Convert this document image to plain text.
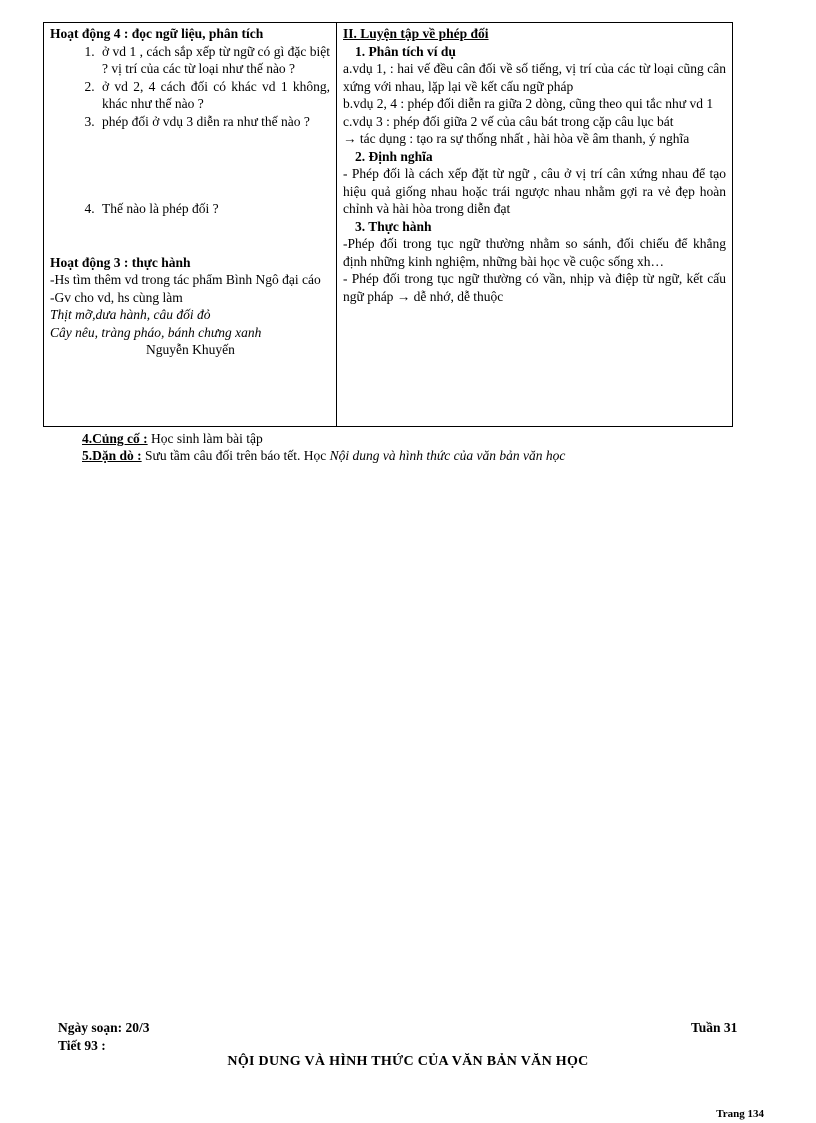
Hoạt động 4 : đọc ngữ liệu, phân tích
1. ở vd 1 , cách sắp xếp từ ngữ có gì đặc biệt ? vị trí của các từ loại như thế nào ?
2. ở vd 2, 4 cách đối có khác vd 1 không, khác như thế nào ?
3. phép đối ở vdụ 3 diễn ra như thế nào ?
4. Thế nào là phép đối ?
Hoạt động 3 : thực hành
-Hs tìm thêm vd trong tác phẩm Bình Ngô đại cáo
-Gv cho vd, hs cùng làm
Thịt mỡ,dưa hành, câu đối đỏ
Cây nêu, tràng pháo, bánh chưng xanh
Nguyễn Khuyến
II. Luyện tập về phép đối
1. Phân tích ví dụ
a.vdụ 1, : hai vế đều cân đối về số tiếng, vị trí của các từ loại cũng cân xứng với nhau, lặp lại về kết cấu ngữ pháp
b.vdụ 2, 4 : phép đối diễn ra giữa 2 dòng, cũng theo qui tắc như vd 1
c.vdụ 3 : phép đối giữa 2 vế của câu bát trong cặp câu lục bát
→ tác dụng : tạo ra sự thống nhất , hài hòa về âm thanh, ý nghĩa
2. Định nghĩa
- Phép đối là cách xếp đặt từ ngữ , câu ở vị trí cân xứng nhau để tạo hiệu quả giống nhau hoặc trái ngược nhau nhằm gợi ra vẻ đẹp hoàn chỉnh và hài hòa trong diễn đạt
3. Thực hành
-Phép đối trong tục ngữ thường nhằm so sánh, đối chiếu để khẳng định những kinh nghiệm, những bài học về cuộc sống xh…
- Phép đối trong tục ngữ thường có vần, nhịp và điệp từ ngữ, kết cấu ngữ pháp → dễ nhớ, dễ thuộc
4.Củng cố : Học sinh làm bài tập
5.Dặn dò : Sưu tầm câu đối trên báo tết. Học Nội dung và hình thức của văn bản văn học
Ngày soạn: 20/3	Tuần 31
Tiết 93 :
NỘI DUNG VÀ HÌNH THỨC CỦA VĂN BẢN VĂN HỌC
Trang 134
